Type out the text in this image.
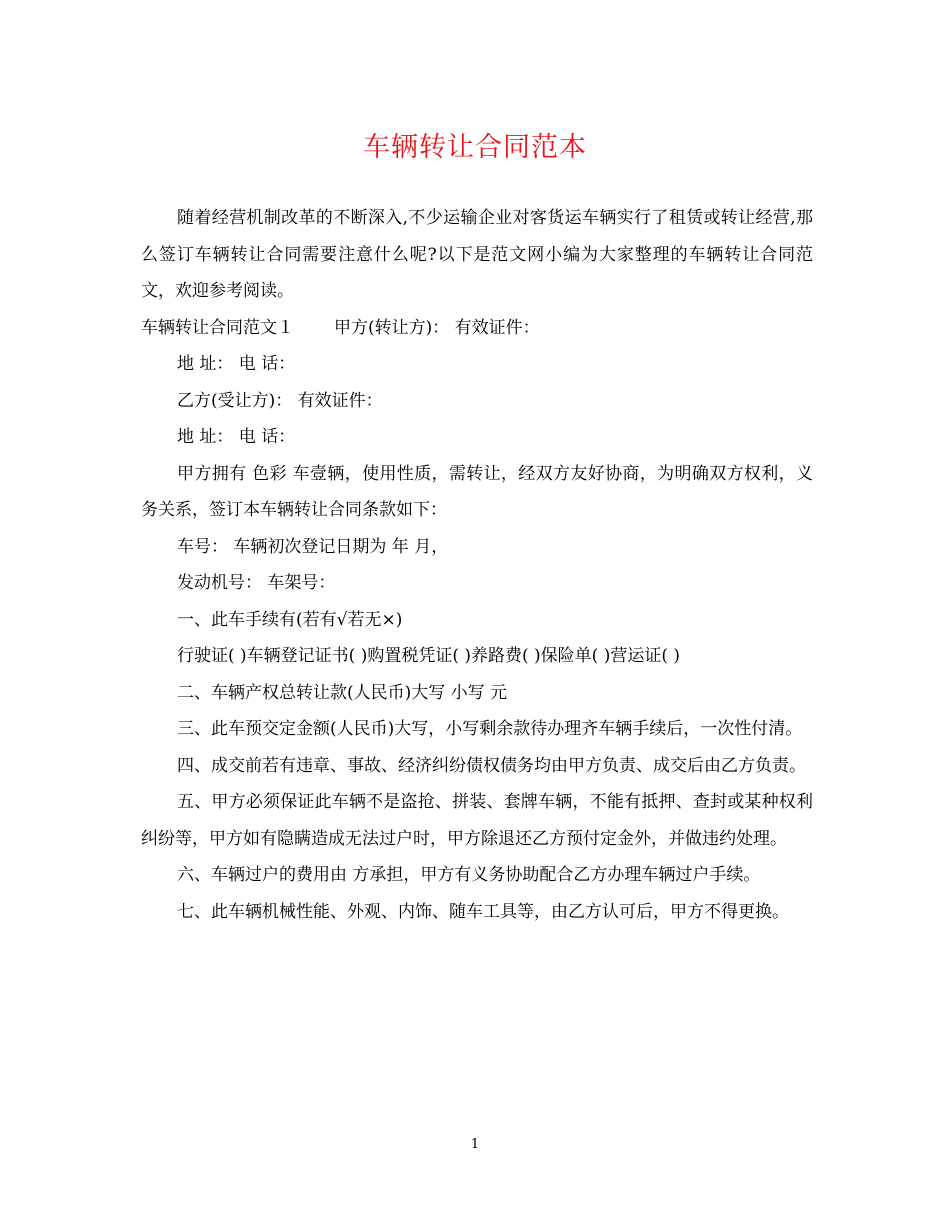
车辆转让合同范本

随着经营机制改革的不断深入,不少运输企业对客货运车辆实行了租赁或转让经营,那么签订车辆转让合同需要注意什么呢?以下是范文网小编为大家整理的车辆转让合同范文，欢迎参考阅读。

车辆转让合同范文１ 甲方(转让方)： 有效证件：

地 址： 电 话：

乙方(受让方)： 有效证件：

地 址： 电 话：

甲方拥有 色彩 车壹辆，使用性质，需转让，经双方友好协商，为明确双方权利，义务关系，签订本车辆转让合同条款如下：

车号： 车辆初次登记日期为 年 月，

发动机号： 车架号：

一、此车手续有(若有√若无×)

行驶证( )车辆登记证书( )购置税凭证( )养路费( )保险单( )营运证( )

二、车辆产权总转让款(人民币)大写 小写 元

三、此车预交定金额(人民币)大写，小写剩余款待办理齐车辆手续后，一次性付清。

四、成交前若有违章、事故、经济纠纷债权债务均由甲方负责、成交后由乙方负责。

五、甲方必须保证此车辆不是盗抢、拼装、套牌车辆，不能有抵押、查封或某种权利纠纷等，甲方如有隐瞒造成无法过户时，甲方除退还乙方预付定金外，并做违约处理。

六、车辆过户的费用由 方承担，甲方有义务协助配合乙方办理车辆过户手续。

七、此车辆机械性能、外观、内饰、随车工具等，由乙方认可后，甲方不得更换。

1
